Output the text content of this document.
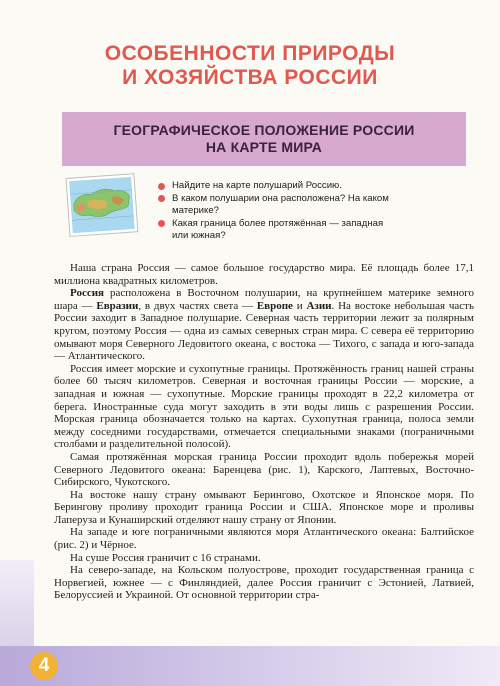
4
ОСОБЕННОСТИ ПРИРОДЫ
И ХОЗЯЙСТВА РОССИИ
ГЕОГРАФИЧЕСКОЕ ПОЛОЖЕНИЕ РОССИИ
НА КАРТЕ МИРА
Найдите на карте полушарий Россию.
В каком полушарии она расположена? На каком материке?
Какая граница более протяжённая — западная или южная?

Наша страна Россия — самое большое государство мира. Её площадь более 17,1 миллиона квадратных километров.

Россия расположена в Восточном полушарии, на крупнейшем материке земного шара — Евразии, в двух частях света — Европе и Азии. На востоке небольшая часть России заходит в Западное полушарие. Северная часть территории лежит за полярным кругом, поэтому Россия — одна из самых северных стран мира. С севера её территорию омывают моря Северного Ледовитого океана, с востока — Тихого, с запада и юго-запада — Атлантического.

Россия имеет морские и сухопутные границы. Протяжённость границ нашей страны более 60 тысяч километров. Северная и восточная границы России — морские, а западная и южная — сухопутные. Морские границы проходят в 22,2 километра от берега. Иностранные суда могут заходить в эти воды лишь с разрешения России. Морская граница обозначается только на картах. Сухопутная граница, полоса земли между соседними государствами, отмечается специальными знаками (пограничными столбами и разделительной полосой).

Самая протяжённая морская граница России проходит вдоль побережья морей Северного Ледовитого океана: Баренцева (рис. 1), Карского, Лаптевых, Восточно-Сибирского, Чукотского.

На востоке нашу страну омывают Берингово, Охотское и Японское моря. По Берингову проливу проходит граница России и США. Японское море и проливы Лаперуза и Кунаширский отделяют нашу страну от Японии.

На западе и юге пограничными являются моря Атлантического океана: Балтийское (рис. 2) и Чёрное.

На суше Россия граничит с 16 странами.

На северо-западе, на Кольском полуострове, проходит государственная граница с Норвегией, южнее — с Финляндией, далее Россия граничит с Эстонией, Латвией, Белоруссией и Украиной. От основной территории стра-
